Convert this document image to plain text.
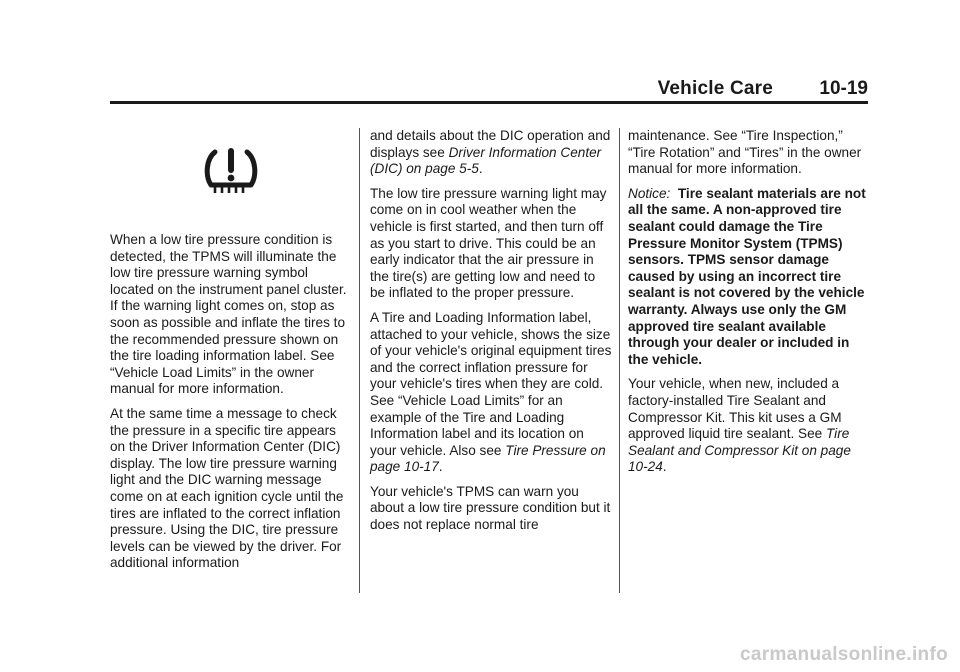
Vehicle Care 10-19

When a low tire pressure condition is detected, the TPMS will illuminate the low tire pressure warning symbol located on the instrument panel cluster. If the warning light comes on, stop as soon as possible and inflate the tires to the recommended pressure shown on the tire loading information label. See “Vehicle Load Limits” in the owner manual for more information.

At the same time a message to check the pressure in a specific tire appears on the Driver Information Center (DIC) display. The low tire pressure warning light and the DIC warning message come on at each ignition cycle until the tires are inflated to the correct inflation pressure. Using the DIC, tire pressure levels can be viewed by the driver. For additional information

and details about the DIC operation and displays see Driver Information Center (DIC) on page 5-5.

The low tire pressure warning light may come on in cool weather when the vehicle is first started, and then turn off as you start to drive. This could be an early indicator that the air pressure in the tire(s) are getting low and need to be inflated to the proper pressure.

A Tire and Loading Information label, attached to your vehicle, shows the size of your vehicle's original equipment tires and the correct inflation pressure for your vehicle's tires when they are cold. See “Vehicle Load Limits” for an example of the Tire and Loading Information label and its location on your vehicle. Also see Tire Pressure on page 10-17.

Your vehicle's TPMS can warn you about a low tire pressure condition but it does not replace normal tire

maintenance. See “Tire Inspection,” “Tire Rotation” and “Tires” in the owner manual for more information.

Notice: Tire sealant materials are not all the same. A non-approved tire sealant could damage the Tire Pressure Monitor System (TPMS) sensors. TPMS sensor damage caused by using an incorrect tire sealant is not covered by the vehicle warranty. Always use only the GM approved tire sealant available through your dealer or included in the vehicle.

Your vehicle, when new, included a factory-installed Tire Sealant and Compressor Kit. This kit uses a GM approved liquid tire sealant. See Tire Sealant and Compressor Kit on page 10-24.

carmanualsonline.info
